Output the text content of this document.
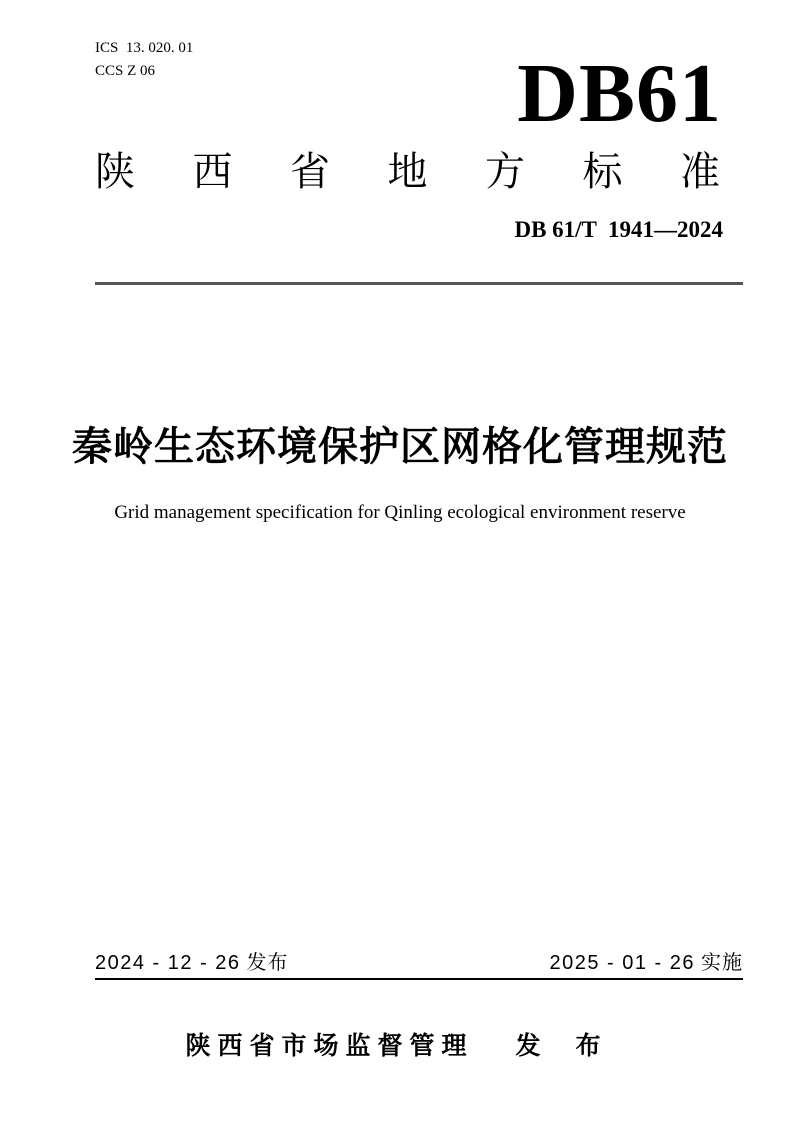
ICS  13. 020. 01
CCS Z 06	DB61
陕西省地方标准
DB 61/T  1941—2024
秦岭生态环境保护区网格化管理规范
Grid management specification for Qinling ecological environment reserve
2024 - 12 - 26 发布	2025 - 01 - 26 实施
陕西省市场监督管理 发 布
